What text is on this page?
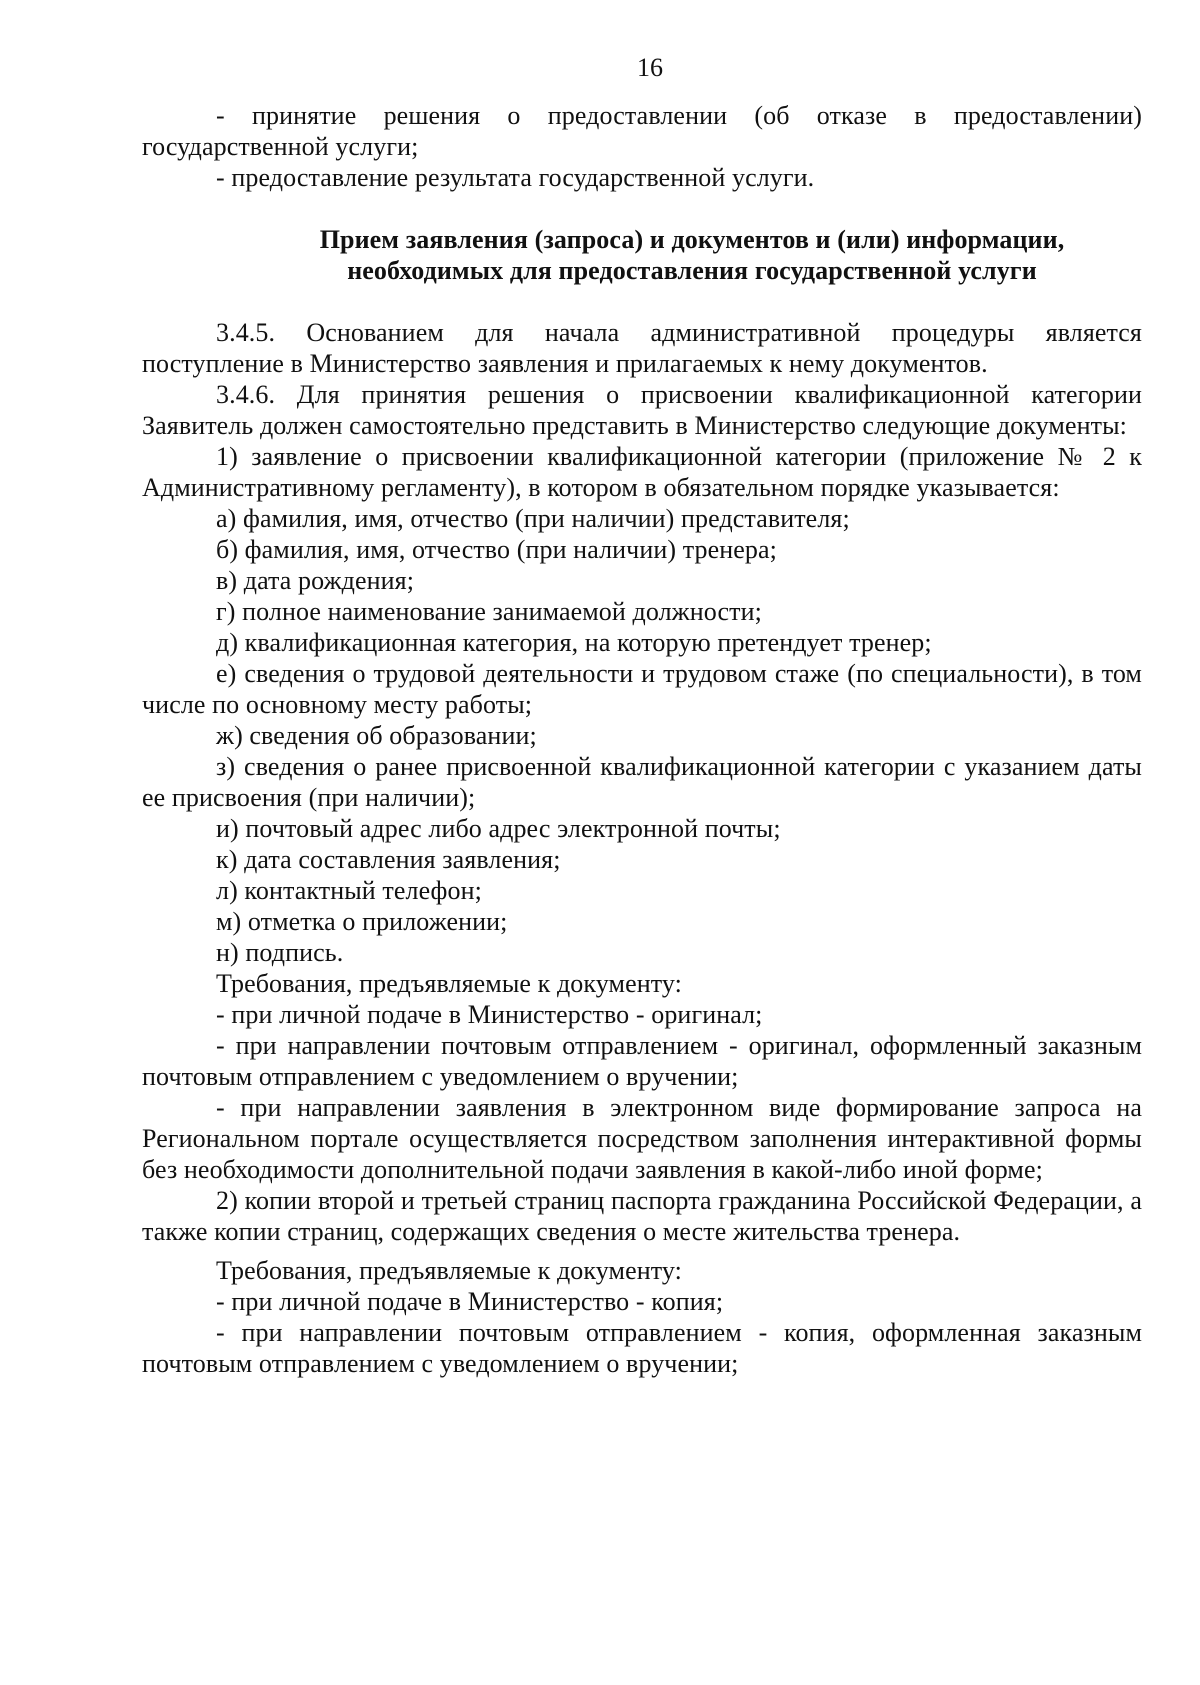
16

- принятие решения о предоставлении (об отказе в предоставлении) государственной услуги;

- предоставление результата государственной услуги.

Прием заявления (запроса) и документов и (или) информации,
необходимых для предоставления государственной услуги

3.4.5. Основанием для начала административной процедуры является поступление в Министерство заявления и прилагаемых к нему документов.

3.4.6. Для принятия решения о присвоении квалификационной категории Заявитель должен самостоятельно представить в Министерство следующие документы:

1) заявление о присвоении квалификационной категории (приложение № 2 к Административному регламенту), в котором в обязательном порядке указывается:

а) фамилия, имя, отчество (при наличии) представителя;

б) фамилия, имя, отчество (при наличии) тренера;

в) дата рождения;

г) полное наименование занимаемой должности;

д) квалификационная категория, на которую претендует тренер;

е) сведения о трудовой деятельности и трудовом стаже (по специальности), в том числе по основному месту работы;

ж) сведения об образовании;

з) сведения о ранее присвоенной квалификационной категории с указанием даты ее присвоения (при наличии);

и) почтовый адрес либо адрес электронной почты;

к) дата составления заявления;

л) контактный телефон;

м) отметка о приложении;

н) подпись.

Требования, предъявляемые к документу:

- при личной подаче в Министерство - оригинал;

- при направлении почтовым отправлением - оригинал, оформленный заказным почтовым отправлением с уведомлением о вручении;

- при направлении заявления в электронном виде формирование запроса на Региональном портале осуществляется посредством заполнения интерактивной формы без необходимости дополнительной подачи заявления в какой-либо иной форме;

2) копии второй и третьей страниц паспорта гражданина Российской Федерации, а также копии страниц, содержащих сведения о месте жительства тренера.

Требования, предъявляемые к документу:

- при личной подаче в Министерство - копия;

- при направлении почтовым отправлением - копия, оформленная заказным почтовым отправлением с уведомлением о вручении;
